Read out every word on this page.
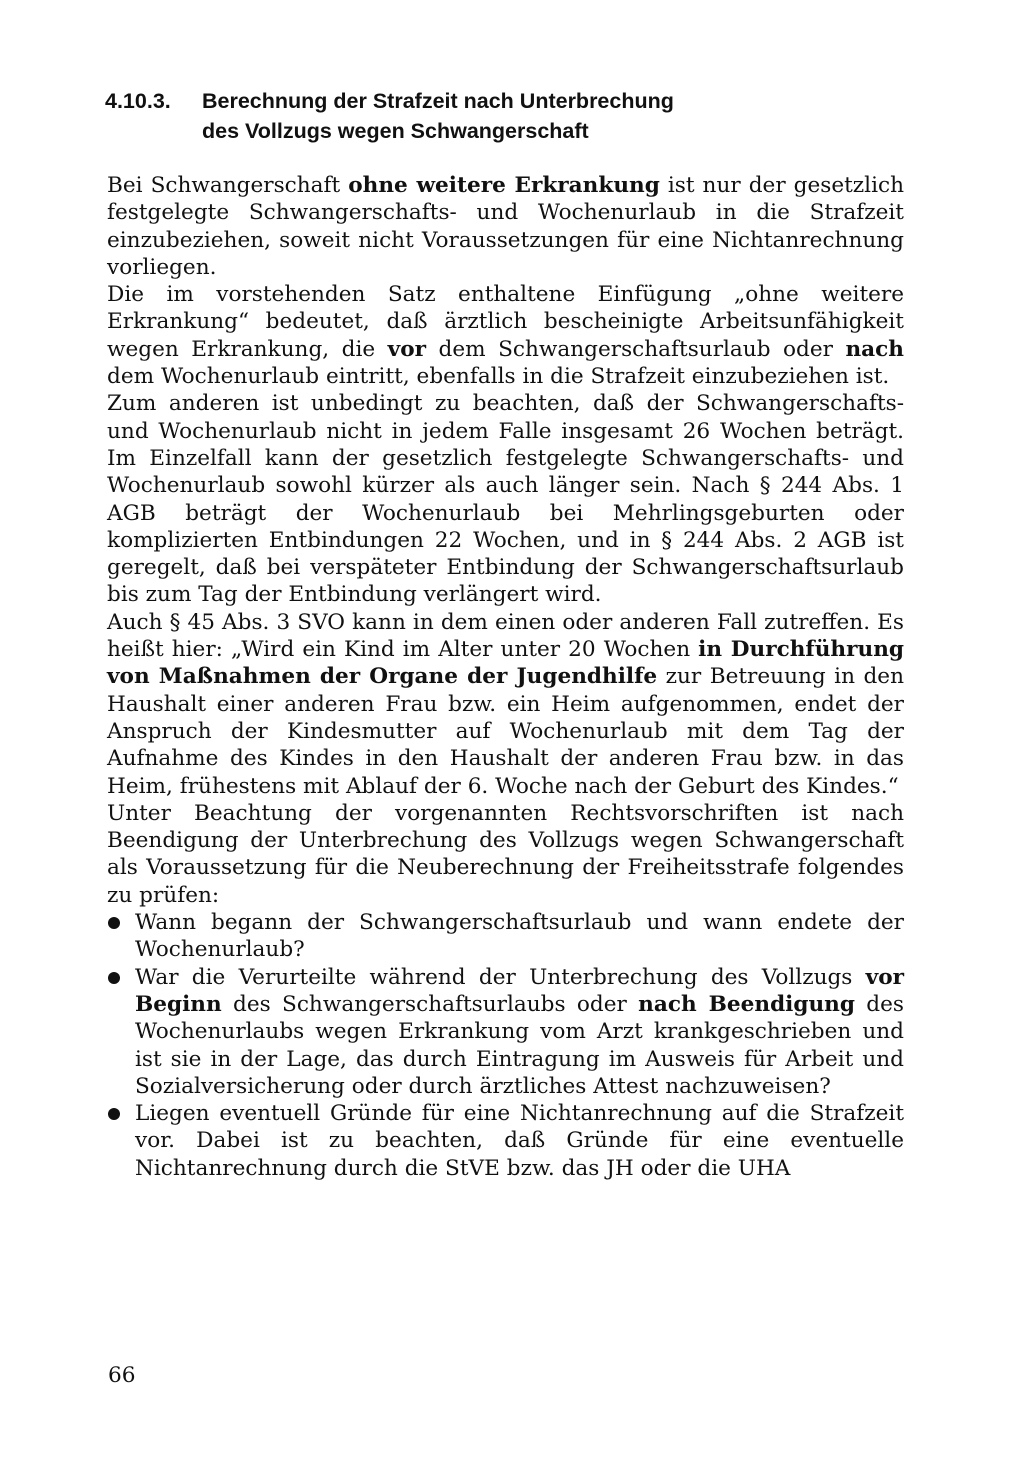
4.10.3. Berechnung der Strafzeit nach Unterbrechung
des Vollzugs wegen Schwangerschaft

Bei Schwangerschaft ohne weitere Erkrankung ist nur der gesetzlich festgelegte Schwangerschafts- und Wochenurlaub in die Strafzeit einzubeziehen, soweit nicht Voraussetzungen für eine Nichtanrechnung vorliegen.

Die im vorstehenden Satz enthaltene Einfügung „ohne weitere Erkrankung“ bedeutet, daß ärztlich bescheinigte Arbeitsunfähigkeit wegen Erkrankung, die vor dem Schwangerschaftsurlaub oder nach dem Wochenurlaub eintritt, ebenfalls in die Strafzeit einzubeziehen ist.

Zum anderen ist unbedingt zu beachten, daß der Schwangerschafts- und Wochenurlaub nicht in jedem Falle insgesamt 26 Wochen beträgt. Im Einzelfall kann der gesetzlich festgelegte Schwangerschafts- und Wochenurlaub sowohl kürzer als auch länger sein. Nach § 244 Abs. 1 AGB beträgt der Wochenurlaub bei Mehrlingsgeburten oder komplizierten Entbindungen 22 Wochen, und in § 244 Abs. 2 AGB ist geregelt, daß bei verspäteter Entbindung der Schwangerschaftsurlaub bis zum Tag der Entbindung verlängert wird.

Auch § 45 Abs. 3 SVO kann in dem einen oder anderen Fall zutreffen. Es heißt hier: „Wird ein Kind im Alter unter 20 Wochen in Durchführung von Maßnahmen der Organe der Jugendhilfe zur Betreuung in den Haushalt einer anderen Frau bzw. ein Heim aufgenommen, endet der Anspruch der Kindesmutter auf Wochenurlaub mit dem Tag der Aufnahme des Kindes in den Haushalt der anderen Frau bzw. in das Heim, frühestens mit Ablauf der 6. Woche nach der Geburt des Kindes.“

Unter Beachtung der vorgenannten Rechtsvorschriften ist nach Beendigung der Unterbrechung des Vollzugs wegen Schwangerschaft als Voraussetzung für die Neuberechnung der Freiheitsstrafe folgendes zu prüfen:

Wann begann der Schwangerschaftsurlaub und wann endete der Wochenurlaub?
War die Verurteilte während der Unterbrechung des Vollzugs vor Beginn des Schwangerschaftsurlaubs oder nach Beendigung des Wochenurlaubs wegen Erkrankung vom Arzt krankgeschrieben und ist sie in der Lage, das durch Eintragung im Ausweis für Arbeit und Sozialversicherung oder durch ärztliches Attest nachzuweisen?
Liegen eventuell Gründe für eine Nichtanrechnung auf die Strafzeit vor. Dabei ist zu beachten, daß Gründe für eine eventuelle Nichtanrechnung durch die StVE bzw. das JH oder die UHA
66
